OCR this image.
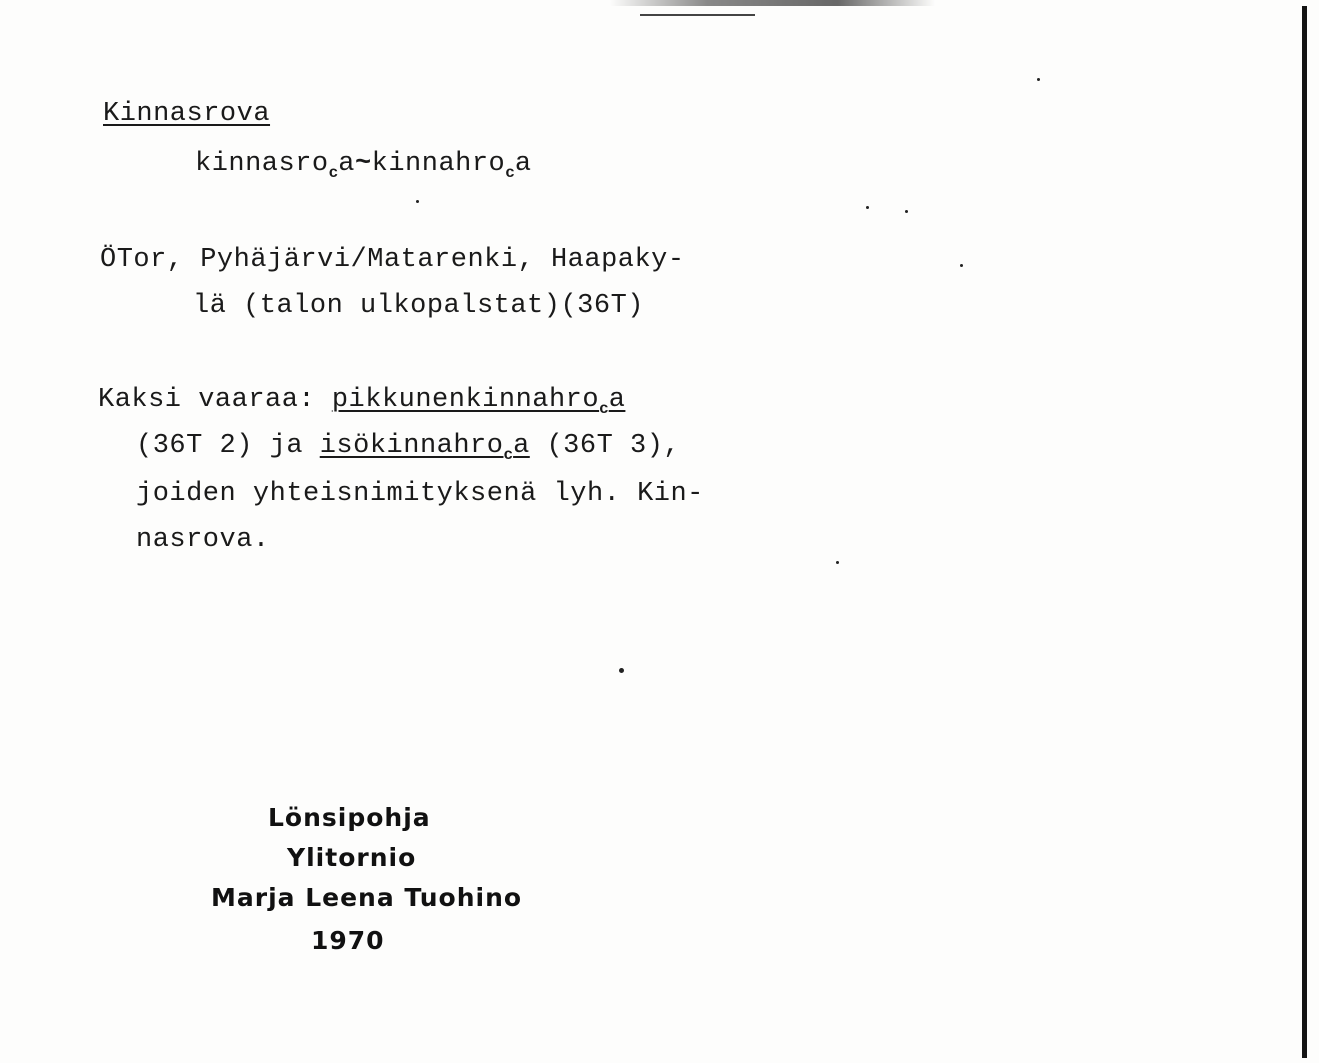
Kinnasrova
kinnasro$_c$a~kinnahro$_c$a
ÖTor, Pyhäjärvi/Matarenki, Haapaky-
lä (talon ulkopalstat)(36T)
Kaksi vaaraa: pikkunenkinnahro$_c$a
(36T 2) ja isökinnahro$_c$a (36T 3),
joiden yhteisnimityksenä lyh. Kin-
nasrova.
Lönsipohja
Ylitornio
Marja Leena Tuohino
1970
